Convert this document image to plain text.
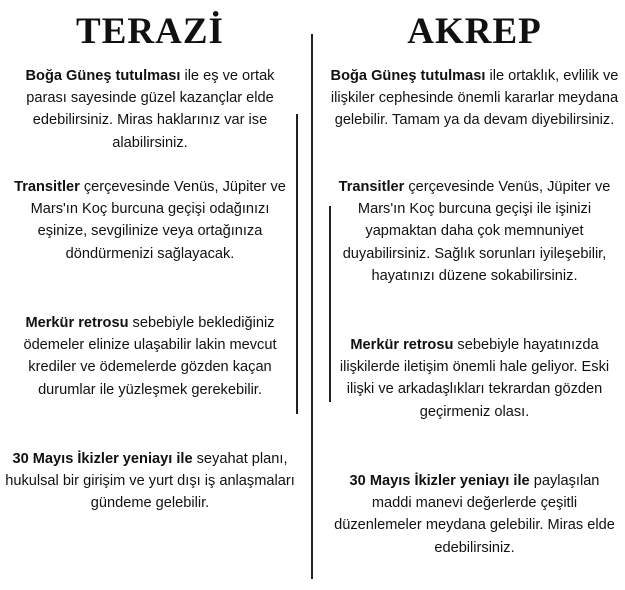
TERAZİ

Boğa Güneş tutulması ile eş ve ortak parası sayesinde güzel kazançlar elde edebilirsiniz. Miras haklarınız var ise alabilirsiniz.

Transitler çerçevesinde Venüs, Jüpiter ve Mars'ın Koç burcuna geçişi odağınızı eşinize, sevgilinize veya ortağınıza döndürmenizi sağlayacak.

Merkür retrosu sebebiyle beklediğiniz ödemeler elinize ulaşabilir lakin mevcut krediler ve ödemelerde gözden kaçan durumlar ile yüzleşmek gerekebilir.

30 Mayıs İkizler yeniayı ile seyahat planı, hukulsal bir girişim ve yurt dışı iş anlaşmaları gündeme gelebilir.

AKREP

Boğa Güneş tutulması ile ortaklık, evlilik ve ilişkiler cephesinde önemli kararlar meydana gelebilir. Tamam ya da devam diyebilirsiniz.

Transitler çerçevesinde Venüs, Jüpiter ve Mars'ın Koç burcuna geçişi ile işinizi yapmaktan daha çok memnuniyet duyabilirsiniz. Sağlık sorunları iyileşebilir, hayatınızı düzene sokabilirsiniz.

Merkür retrosu sebebiyle hayatınızda ilişkilerde iletişim önemli hale geliyor. Eski ilişki ve arkadaşlıkları tekrardan gözden geçirmeniz olası.

30 Mayıs İkizler yeniayı ile paylaşılan maddi manevi değerlerde çeşitli düzenlemeler meydana gelebilir. Miras elde edebilirsiniz.
